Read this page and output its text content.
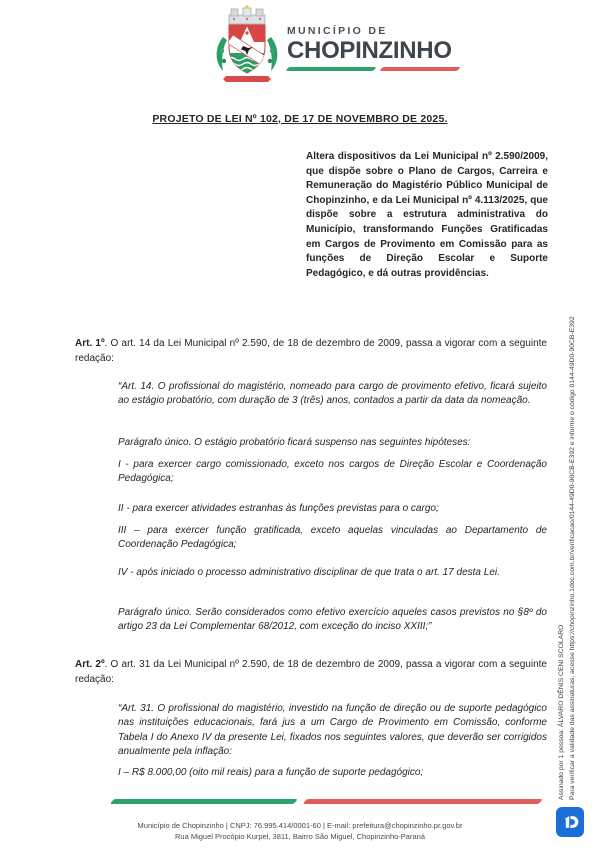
MUNICÍPIO DE
CHOPINZINHO
PROJETO DE LEI Nº 102, DE 17 DE NOVEMBRO DE 2025.

Altera dispositivos da Lei Municipal nº 2.590/2009, que dispõe sobre o Plano de Cargos, Carreira e Remuneração do Magistério Público Municipal de Chopinzinho, e da Lei Municipal nº 4.113/2025, que dispõe sobre a estrutura administrativa do Município, transformando Funções Gratificadas em Cargos de Provimento em Comissão para as funções de Direção Escolar e Suporte Pedagógico, e dá outras providências.

Art. 1º. O art. 14 da Lei Municipal nº 2.590, de 18 de dezembro de 2009, passa a vigorar com a seguinte redação:

“Art. 14. O profissional do magistério, nomeado para cargo de provimento efetivo, ficará sujeito ao estágio probatório, com duração de 3 (três) anos, contados a partir da data da nomeação.

Parágrafo único. O estágio probatório ficará suspenso nas seguintes hipóteses:

I - para exercer cargo comissionado, exceto nos cargos de Direção Escolar e Coordenação Pedagógica;

II - para exercer atividades estranhas às funções previstas para o cargo;

III – para exercer função gratificada, exceto aquelas vinculadas ao Departamento de Coordenação Pedagógica;

IV - após iniciado o processo administrativo disciplinar de que trata o art. 17 desta Lei.

Parágrafo único. Serão considerados como efetivo exercício aqueles casos previstos no §8º do artigo 23 da Lei Complementar 68/2012, com exceção do inciso XXIII;”

Art. 2º. O art. 31 da Lei Municipal nº 2.590, de 18 de dezembro de 2009, passa a vigorar com a seguinte redação:

“Art. 31. O profissional do magistério, investido na função de direção ou de suporte pedagógico nas instituições educacionais, fará jus a um Cargo de Provimento em Comissão, conforme Tabela I do Anexo IV da presente Lei, fixados nos seguintes valores, que deverão ser corrigidos anualmente pela inflação:

I – R$ 8.000,00 (oito mil reais) para a função de suporte pedagógico;

Município de Chopinzinho | CNPJ: 76.995.414/0001-60 | E-mail: prefeitura@chopinzinho.pr.gov.br
Rua Miguel Procópio Kurpel, 3811, Bairro São Miguel, Chopinzinho-Paraná
Assinado por 1 pessoa: ÁLVARO DÊNIS CENI SCOLARO Para verificar a validade das assinaturas, acesse https://chopinzinho.1doc.com.br/verificacao/0144-49D0-90CB-E392 e informe o código 0144-49D0-90CB-E392
